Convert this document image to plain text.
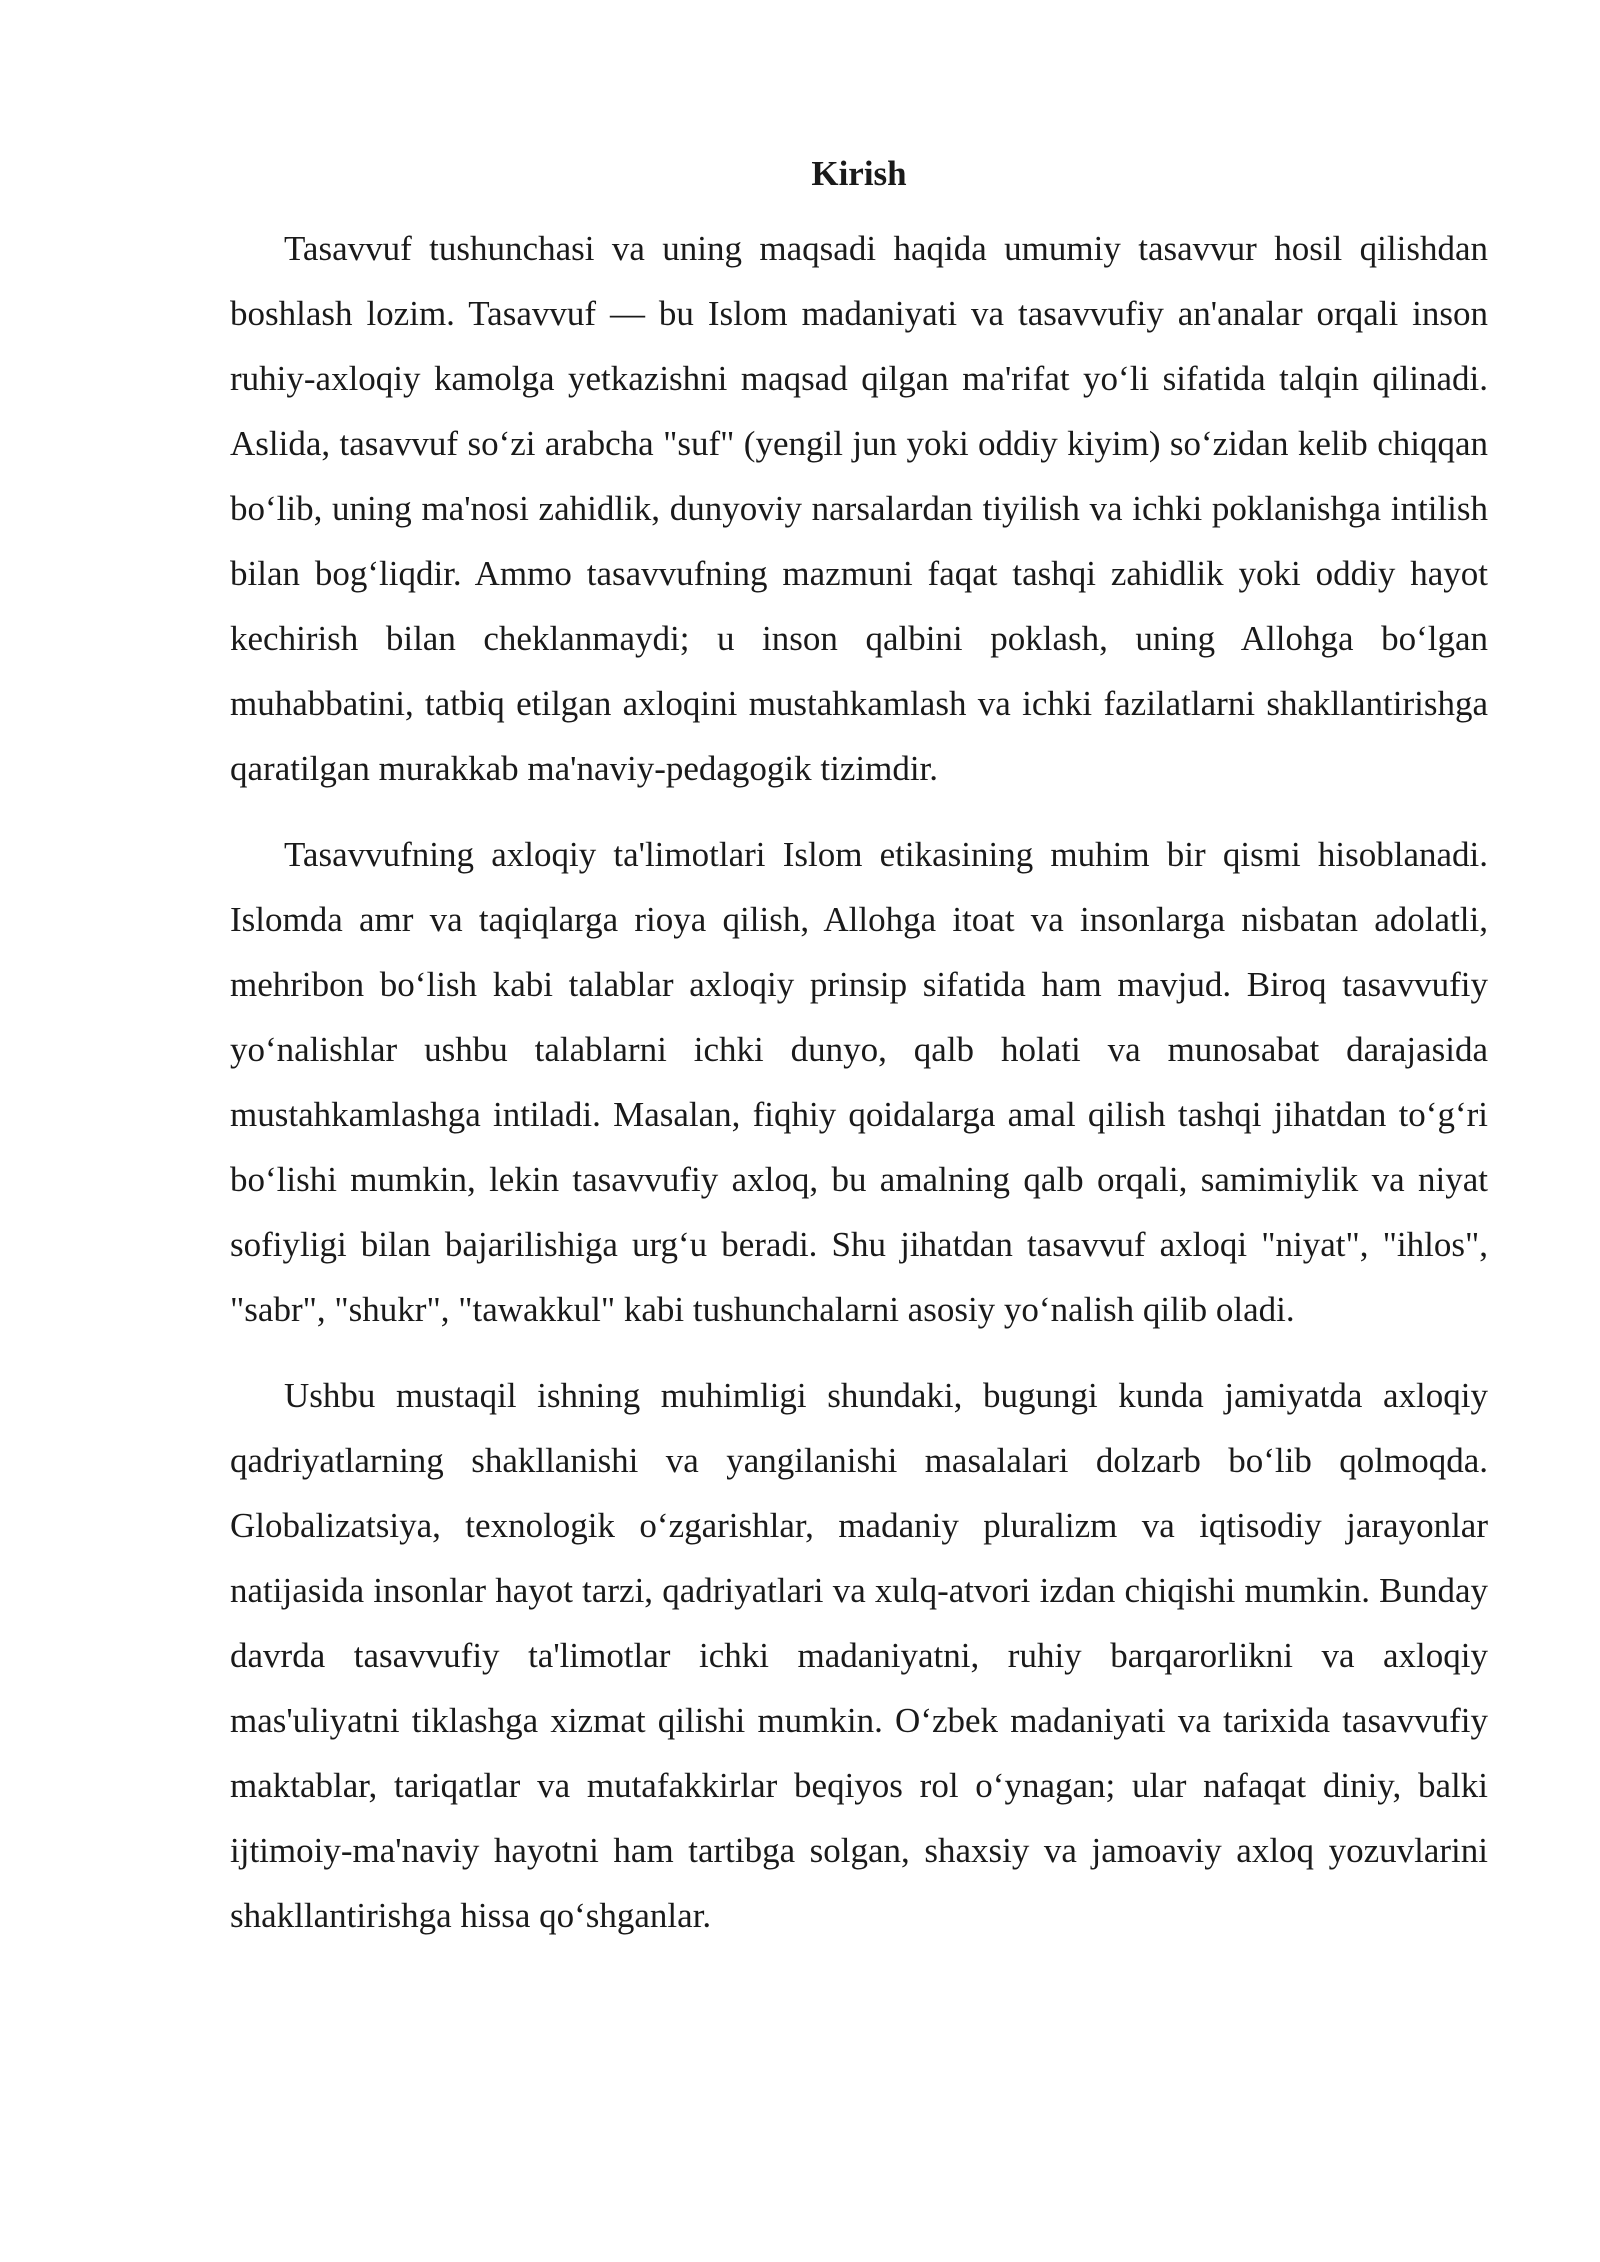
Kirish

Tasavvuf tushunchasi va uning maqsadi haqida umumiy tasavvur hosil qilishdan boshlash lozim. Tasavvuf — bu Islom madaniyati va tasavvufiy an'analar orqali inson ruhiy-axloqiy kamolga yetkazishni maqsad qilgan ma'rifat yo‘li sifatida talqin qilinadi. Aslida, tasavvuf so‘zi arabcha "suf" (yengil jun yoki oddiy kiyim) so‘zidan kelib chiqqan bo‘lib, uning ma'nosi zahidlik, dunyoviy narsalardan tiyilish va ichki poklanishga intilish bilan bog‘liqdir. Ammo tasavvufning mazmuni faqat tashqi zahidlik yoki oddiy hayot kechirish bilan cheklanmaydi; u inson qalbini poklash, uning Allohga bo‘lgan muhabbatini, tatbiq etilgan axloqini mustahkamlash va ichki fazilatlarni shakllantirishga qaratilgan murakkab ma'naviy-pedagogik tizimdir.

Tasavvufning axloqiy ta'limotlari Islom etikasining muhim bir qismi hisoblanadi. Islomda amr va taqiqlarga rioya qilish, Allohga itoat va insonlarga nisbatan adolatli, mehribon bo‘lish kabi talablar axloqiy prinsip sifatida ham mavjud. Biroq tasavvufiy yo‘nalishlar ushbu talablarni ichki dunyo, qalb holati va munosabat darajasida mustahkamlashga intiladi. Masalan, fiqhiy qoidalarga amal qilish tashqi jihatdan to‘g‘ri bo‘lishi mumkin, lekin tasavvufiy axloq, bu amalning qalb orqali, samimiylik va niyat sofiyligi bilan bajarilishiga urg‘u beradi. Shu jihatdan tasavvuf axloqi "niyat", "ihlos", "sabr", "shukr", "tawakkul" kabi tushunchalarni asosiy yo‘nalish qilib oladi.

Ushbu mustaqil ishning muhimligi shundaki, bugungi kunda jamiyatda axloqiy qadriyatlarning shakllanishi va yangilanishi masalalari dolzarb bo‘lib qolmoqda. Globalizatsiya, texnologik o‘zgarishlar, madaniy pluralizm va iqtisodiy jarayonlar natijasida insonlar hayot tarzi, qadriyatlari va xulq-atvori izdan chiqishi mumkin. Bunday davrda tasavvufiy ta'limotlar ichki madaniyatni, ruhiy barqarorlikni va axloqiy mas'uliyatni tiklashga xizmat qilishi mumkin. O‘zbek madaniyati va tarixida tasavvufiy maktablar, tariqatlar va mutafakkirlar beqiyos rol o‘ynagan; ular nafaqat diniy, balki ijtimoiy-ma'naviy hayotni ham tartibga solgan, shaxsiy va jamoaviy axloq yozuvlarini shakllantirishga hissa qo‘shganlar.
